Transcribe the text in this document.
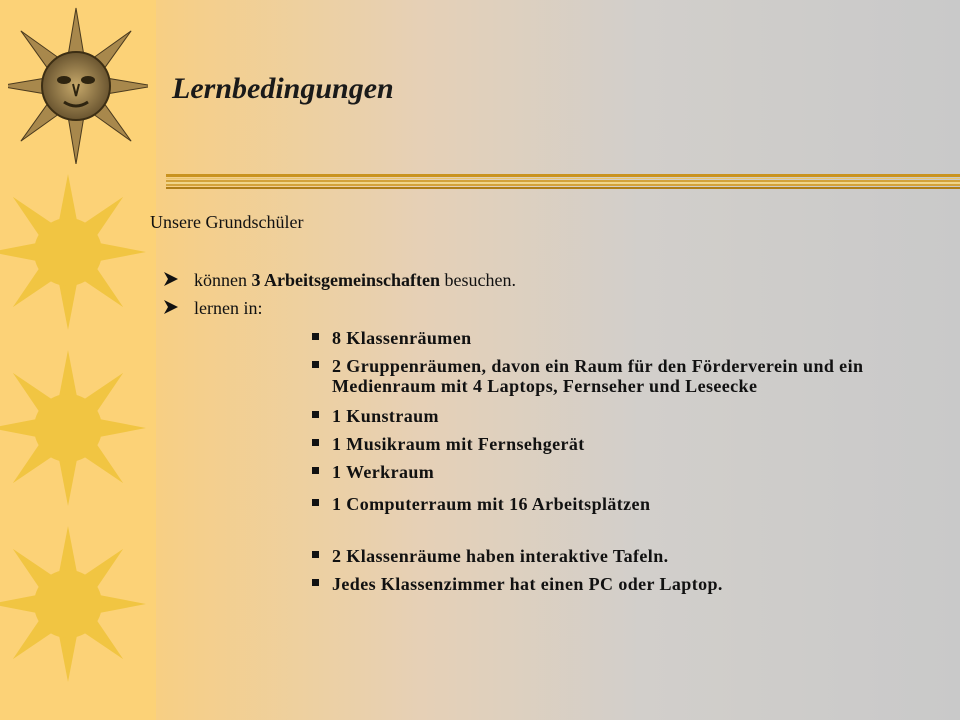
Lernbedingungen
Unsere Grundschüler
können 3 Arbeitsgemeinschaften besuchen.
lernen in:
8 Klassenräumen
2 Gruppenräumen, davon ein Raum für den Förderverein und ein Medienraum mit 4 Laptops, Fernseher und Leseecke
1 Kunstraum
1 Musikraum mit Fernsehgerät
1 Werkraum
1 Computerraum mit 16 Arbeitsplätzen
2 Klassenräume haben interaktive Tafeln.
Jedes Klassenzimmer hat einen PC oder Laptop.
